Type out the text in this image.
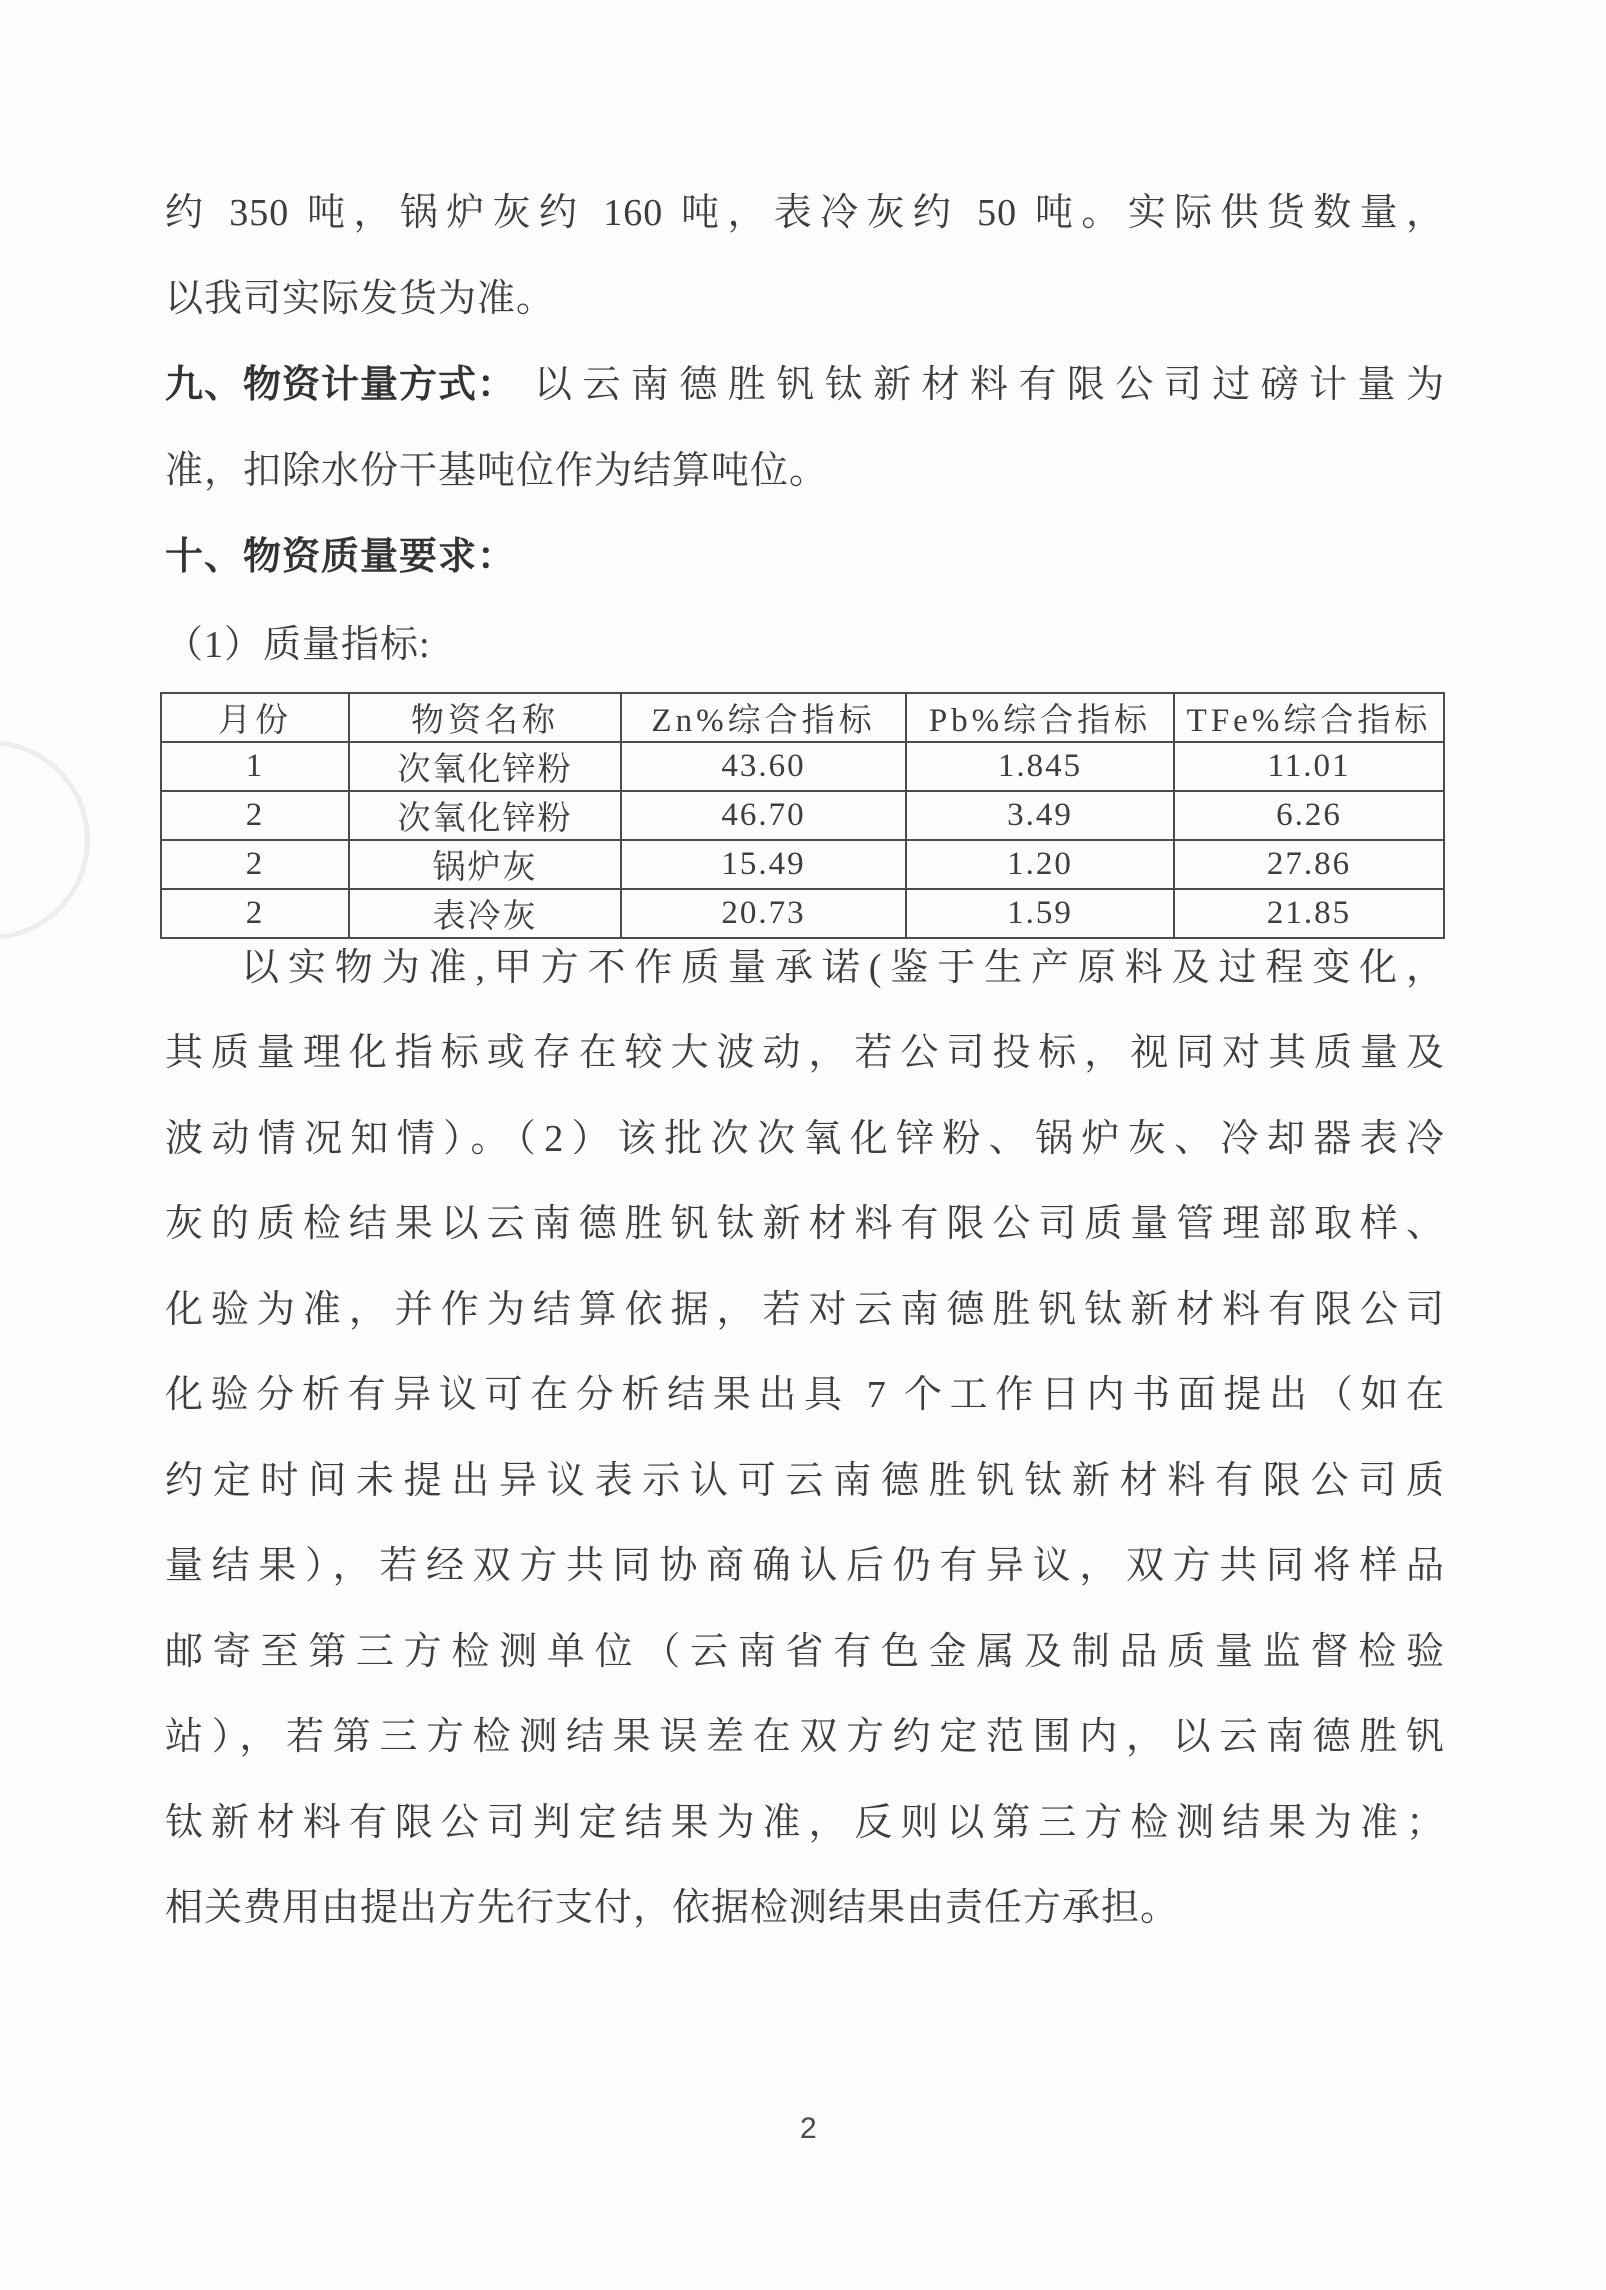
约 350 吨，锅炉灰约 160 吨，表冷灰约 50 吨。实际供货数量，
以我司实际发货为准。
九、物资计量方式： 以云南德胜钒钛新材料有限公司过磅计量为
准，扣除水份干基吨位作为结算吨位。
十、物资质量要求：
（1）质量指标:
月份	物资名称	Zn%综合指标	Pb%综合指标	TFe%综合指标
1	次氧化锌粉	43.60	1.845	11.01
2	次氧化锌粉	46.70	3.49	6.26
2	锅炉灰	15.49	1.20	27.86
2	表冷灰	20.73	1.59	21.85
以实物为准,甲方不作质量承诺(鉴于生产原料及过程变化，
其质量理化指标或存在较大波动，若公司投标，视同对其质量及
波动情况知情）。（2）该批次次氧化锌粉、锅炉灰、冷却器表冷
灰的质检结果以云南德胜钒钛新材料有限公司质量管理部取样、
化验为准，并作为结算依据，若对云南德胜钒钛新材料有限公司
化验分析有异议可在分析结果出具 7 个工作日内书面提出（如在
约定时间未提出异议表示认可云南德胜钒钛新材料有限公司质
量结果），若经双方共同协商确认后仍有异议，双方共同将样品
邮寄至第三方检测单位（云南省有色金属及制品质量监督检验
站），若第三方检测结果误差在双方约定范围内，以云南德胜钒
钛新材料有限公司判定结果为准，反则以第三方检测结果为准；
相关费用由提出方先行支付，依据检测结果由责任方承担。
2
